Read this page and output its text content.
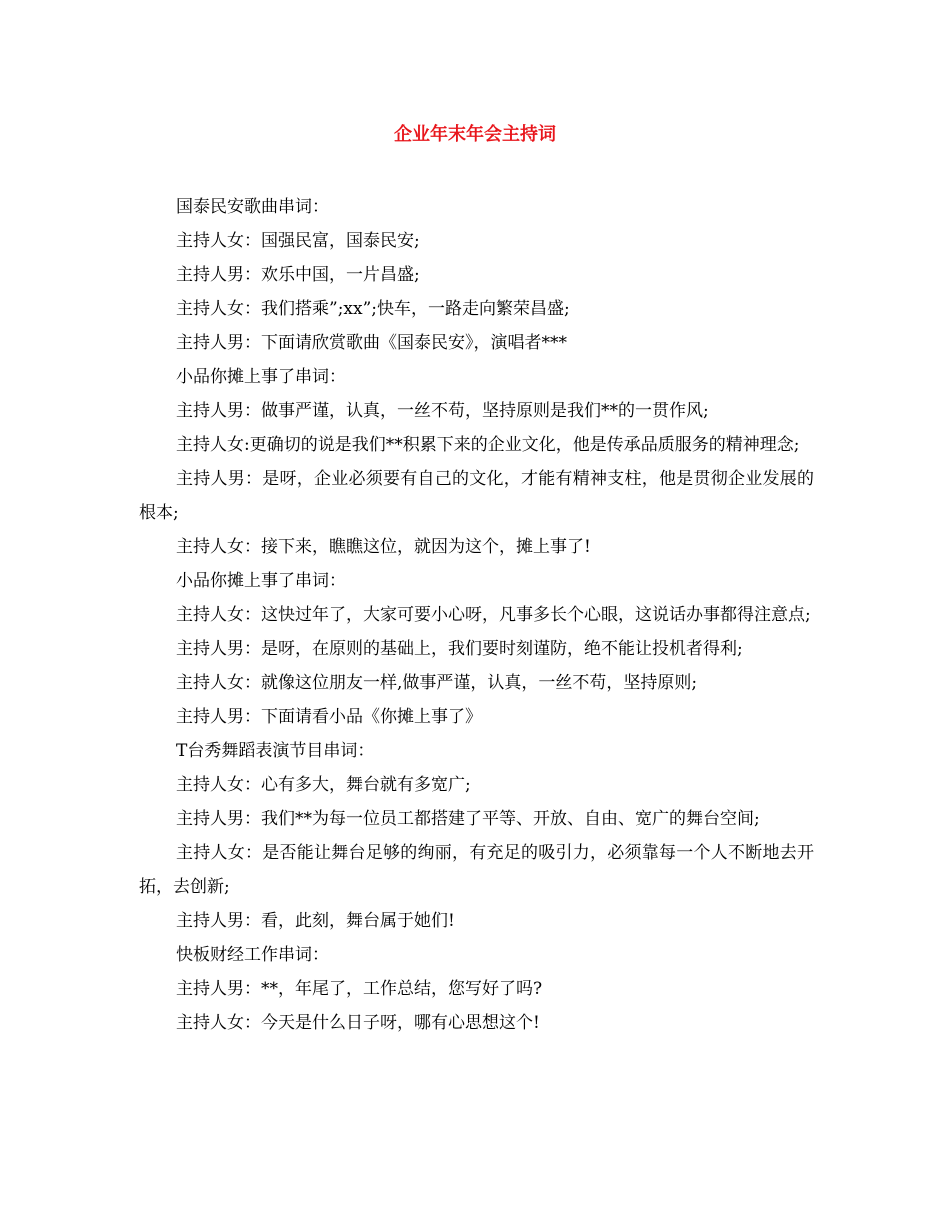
企业年末年会主持词

国泰民安歌曲串词：

主持人女：国强民富，国泰民安;

主持人男：欢乐中国，一片昌盛;

主持人女：我们搭乘”;xx”;快车，一路走向繁荣昌盛;

主持人男：下面请欣赏歌曲《国泰民安》，演唱者***

小品你摊上事了串词：

主持人男：做事严谨，认真，一丝不苟，坚持原则是我们**的一贯作风;

主持人女:更确切的说是我们**积累下来的企业文化，他是传承品质服务的精神理念;

主持人男：是呀，企业必须要有自己的文化，才能有精神支柱，他是贯彻企业发展的根本;

主持人女：接下来，瞧瞧这位，就因为这个，摊上事了!

小品你摊上事了串词：

主持人女：这快过年了，大家可要小心呀，凡事多长个心眼，这说话办事都得注意点;

主持人男：是呀，在原则的基础上，我们要时刻谨防，绝不能让投机者得利;

主持人女：就像这位朋友一样,做事严谨，认真，一丝不苟，坚持原则;

主持人男：下面请看小品《你摊上事了》

T台秀舞蹈表演节目串词：

主持人女：心有多大，舞台就有多宽广;

主持人男：我们**为每一位员工都搭建了平等、开放、自由、宽广的舞台空间;

主持人女：是否能让舞台足够的绚丽，有充足的吸引力，必须靠每一个人不断地去开拓，去创新;

主持人男：看，此刻，舞台属于她们!

快板财经工作串词：

主持人男：**，年尾了，工作总结，您写好了吗?

主持人女：今天是什么日子呀，哪有心思想这个!
